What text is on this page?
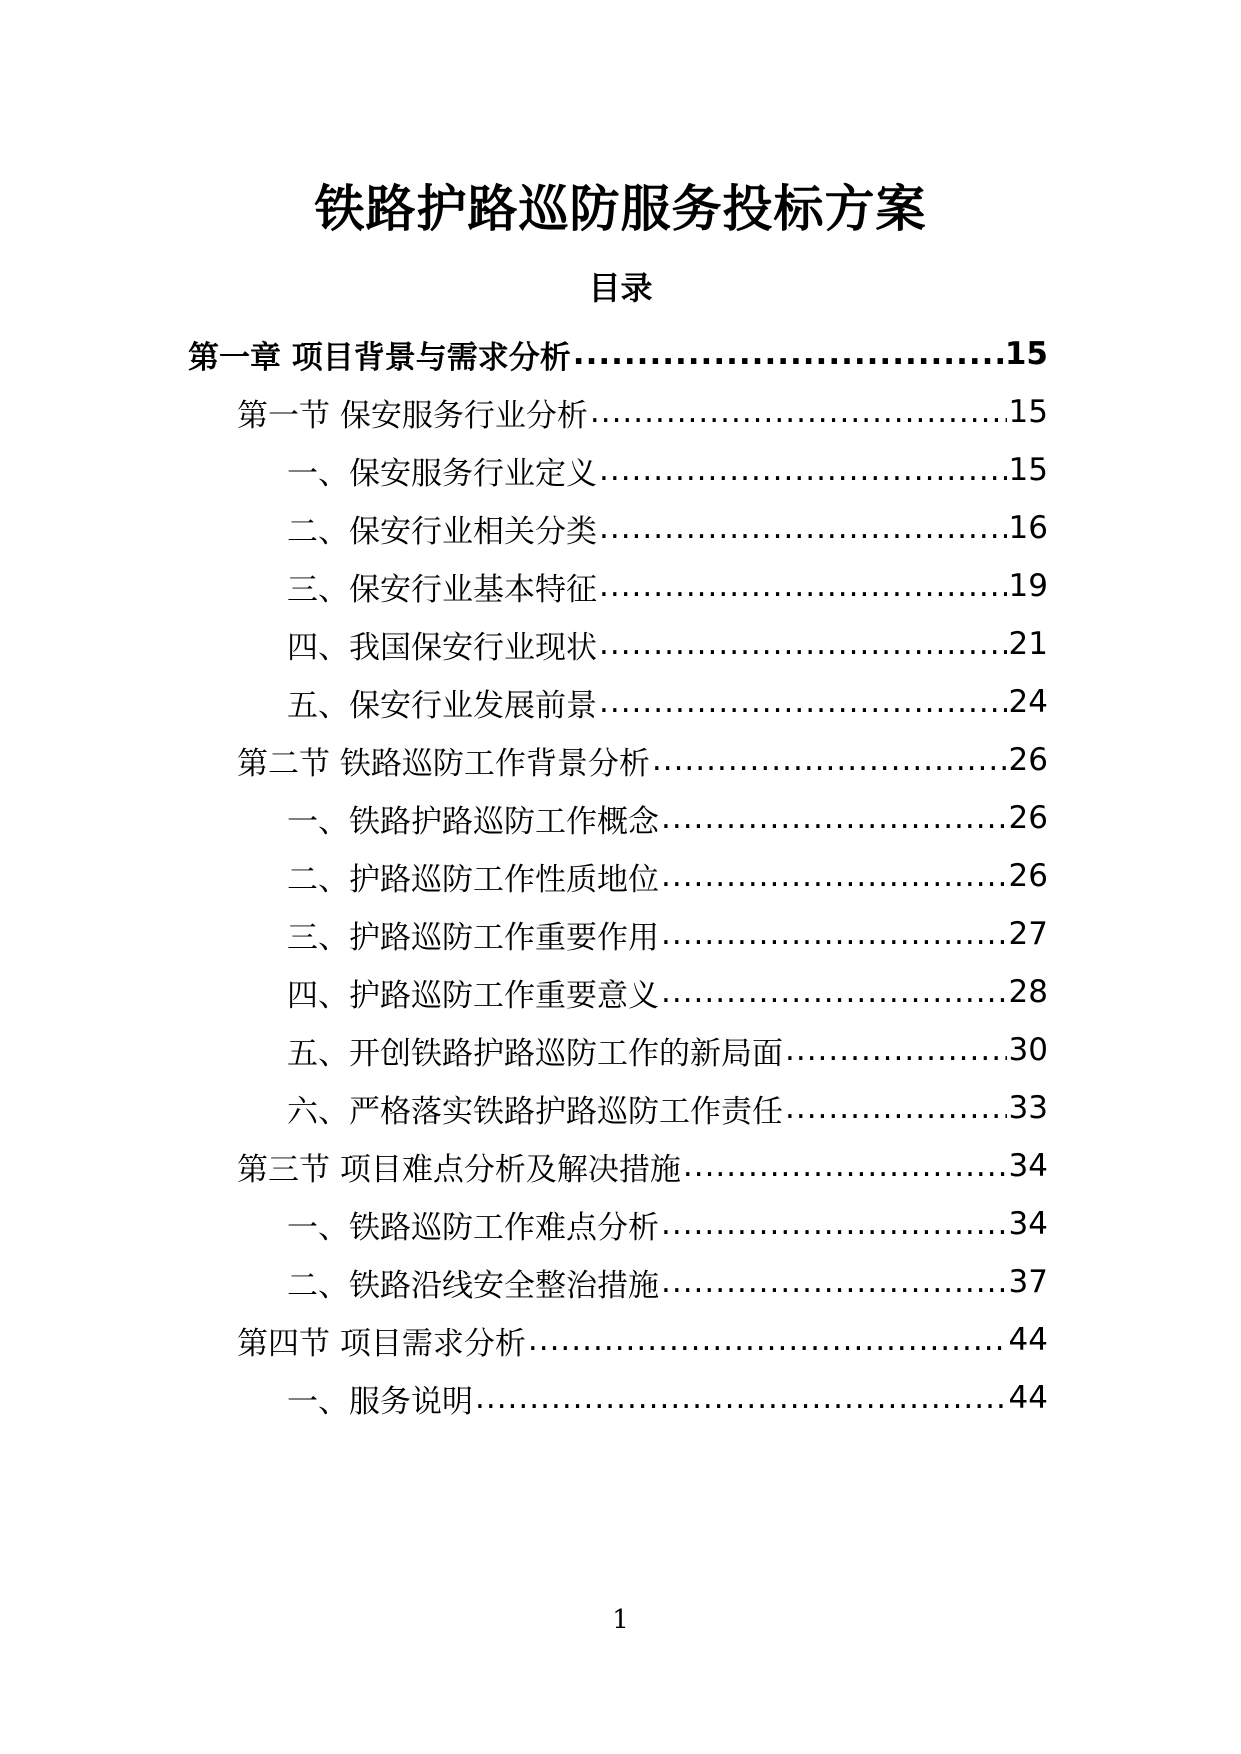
铁路护路巡防服务投标方案
目录
第一章 项目背景与需求分析 .....	15
第一节 保安服务行业分析 .....	15
一、保安服务行业定义 .....	15
二、保安行业相关分类 .....	16
三、保安行业基本特征 .....	19
四、我国保安行业现状 .....	21
五、保安行业发展前景 .....	24
第二节 铁路巡防工作背景分析 .....	26
一、铁路护路巡防工作概念 .....	26
二、护路巡防工作性质地位 .....	26
三、护路巡防工作重要作用 .....	27
四、护路巡防工作重要意义 .....	28
五、开创铁路护路巡防工作的新局面 .....	30
六、严格落实铁路护路巡防工作责任 .....	33
第三节 项目难点分析及解决措施 .....	34
一、铁路巡防工作难点分析 .....	34
二、铁路沿线安全整治措施 .....	37
第四节 项目需求分析 .....	44
一、服务说明 .....	44
1
